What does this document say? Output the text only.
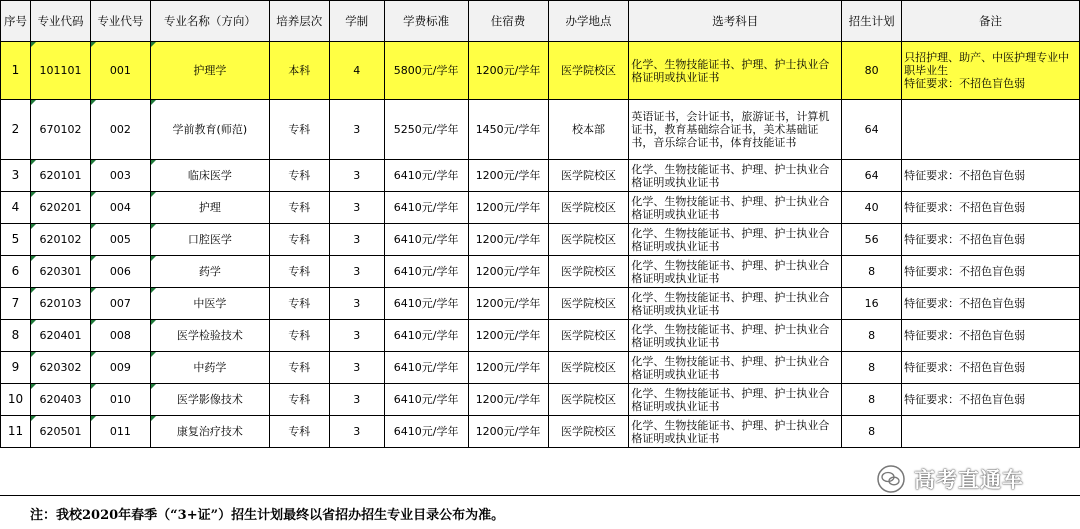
序号	专业代码	专业代号	专业名称（方向）	培养层次	学制	学费标准	住宿费	办学地点	选考科目	招生计划	备注
1	101101	001	护理学	本科	4	5800元/学年	1200元/学年	医学院校区	化学、生物技能证书、护理、护士执业合格证明或执业证书	80	只招护理、助产、中医护理专业中职毕业生
特征要求：不招色盲色弱

2	670102	002	学前教育(师范)	专科	3	5250元/学年	1450元/学年	校本部	英语证书，会计证书，旅游证书，计算机证书，教育基础综合证书，美术基础证书，音乐综合证书，体育技能证书	64	

3	620101	003	临床医学	专科	3	6410元/学年	1200元/学年	医学院校区	化学、生物技能证书、护理、护士执业合格证明或执业证书	64	特征要求：不招色盲色弱

4	620201	004	护理	专科	3	6410元/学年	1200元/学年	医学院校区	化学、生物技能证书、护理、护士执业合格证明或执业证书	40	特征要求：不招色盲色弱

5	620102	005	口腔医学	专科	3	6410元/学年	1200元/学年	医学院校区	化学、生物技能证书、护理、护士执业合格证明或执业证书	56	特征要求：不招色盲色弱

6	620301	006	药学	专科	3	6410元/学年	1200元/学年	医学院校区	化学、生物技能证书、护理、护士执业合格证明或执业证书	8	特征要求：不招色盲色弱

7	620103	007	中医学	专科	3	6410元/学年	1200元/学年	医学院校区	化学、生物技能证书、护理、护士执业合格证明或执业证书	16	特征要求：不招色盲色弱

8	620401	008	医学检验技术	专科	3	6410元/学年	1200元/学年	医学院校区	化学、生物技能证书、护理、护士执业合格证明或执业证书	8	特征要求：不招色盲色弱

9	620302	009	中药学	专科	3	6410元/学年	1200元/学年	医学院校区	化学、生物技能证书、护理、护士执业合格证明或执业证书	8	特征要求：不招色盲色弱

10	620403	010	医学影像技术	专科	3	6410元/学年	1200元/学年	医学院校区	化学、生物技能证书、护理、护士执业合格证明或执业证书	8	特征要求：不招色盲色弱

11	620501	011	康复治疗技术	专科	3	6410元/学年	1200元/学年	医学院校区	化学、生物技能证书、护理、护士执业合格证明或执业证书	8	
高考直通车
注：我校2020年春季（“3+证”）招生计划最终以省招办招生专业目录公布为准。
